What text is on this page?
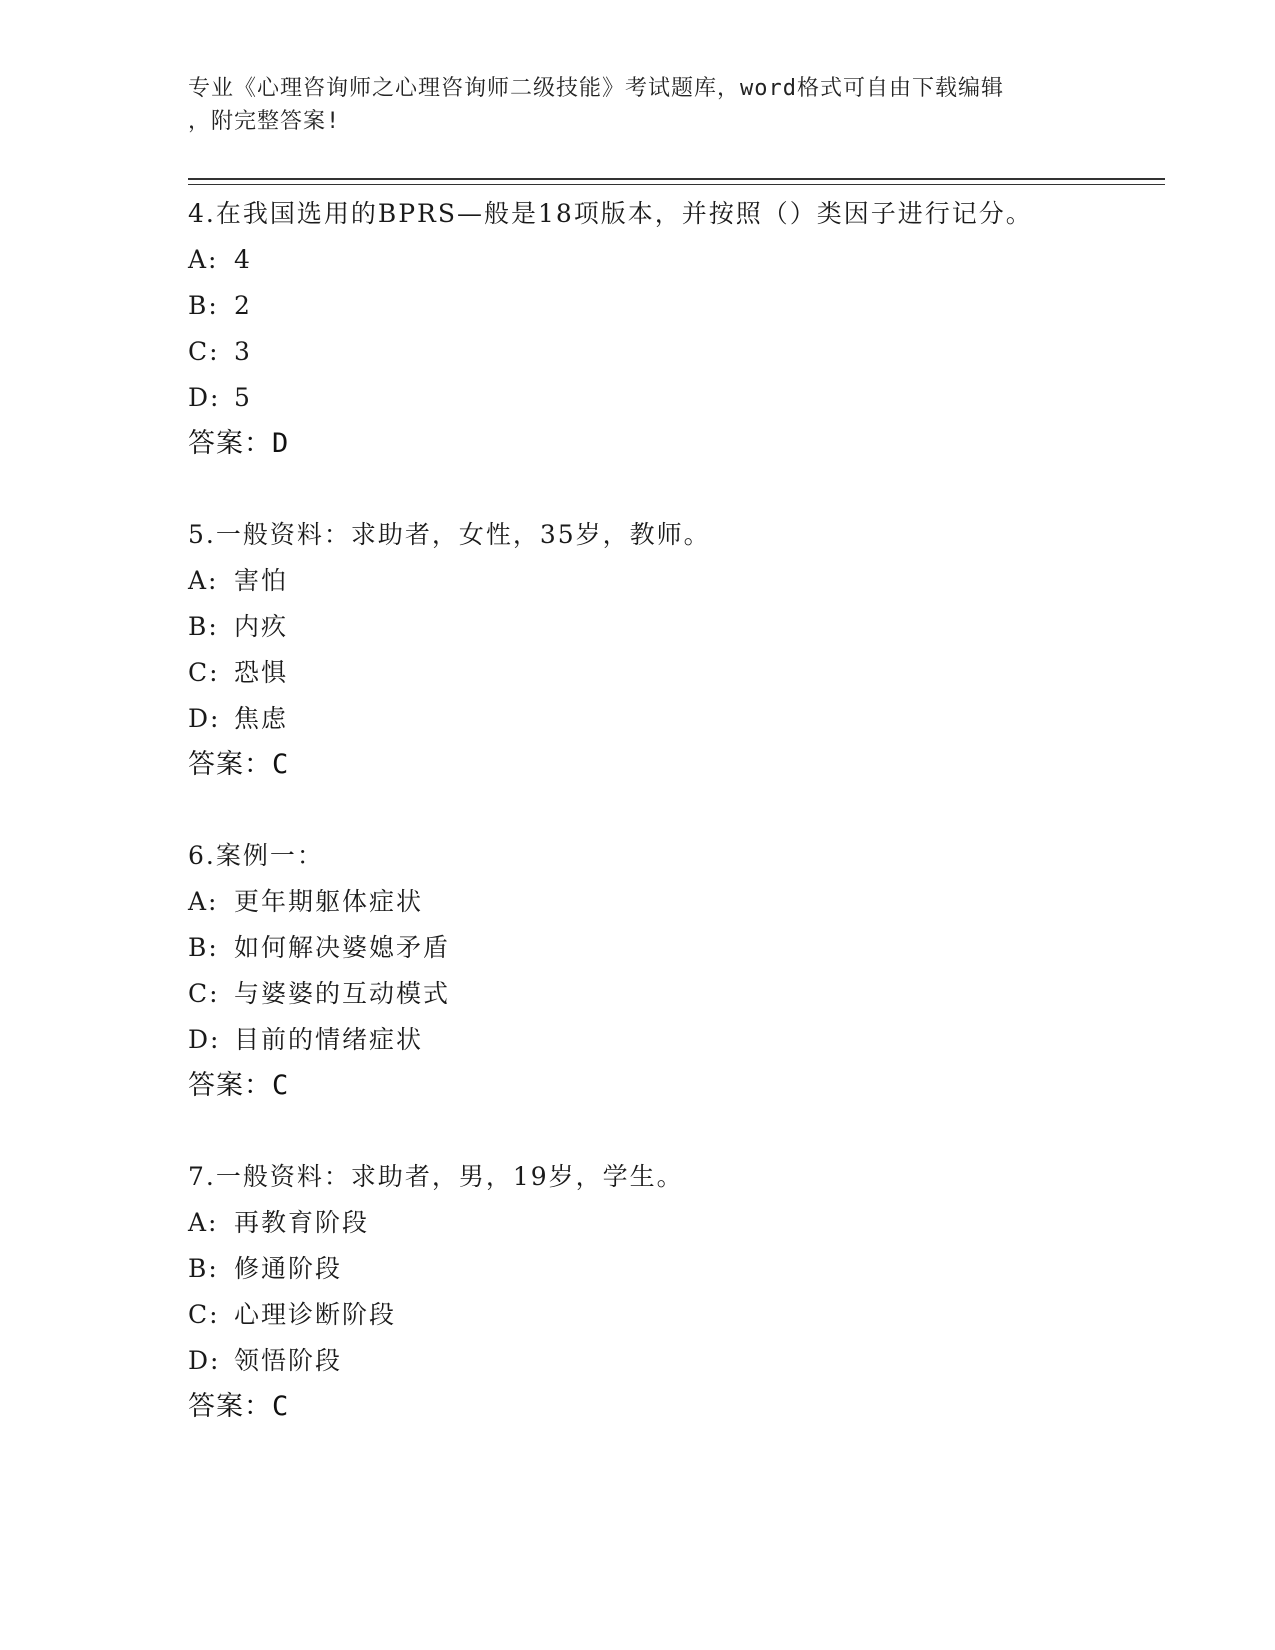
专业《心理咨询师之心理咨询师二级技能》考试题库，word格式可自由下载编辑
，附完整答案!
4.在我国选用的BPRS—般是18项版本，并按照（）类因子进行记分。
A: 4
B: 2
C: 3
D: 5
答案：D
5.一般资料：求助者，女性，35岁，教师。
A: 害怕
B: 内疚
C: 恐惧
D: 焦虑
答案：C
6.案例一：
A: 更年期躯体症状
B: 如何解决婆媳矛盾
C: 与婆婆的互动模式
D: 目前的情绪症状
答案：C
7.一般资料：求助者，男，19岁，学生。
A: 再教育阶段
B: 修通阶段
C: 心理诊断阶段
D: 领悟阶段
答案：C
